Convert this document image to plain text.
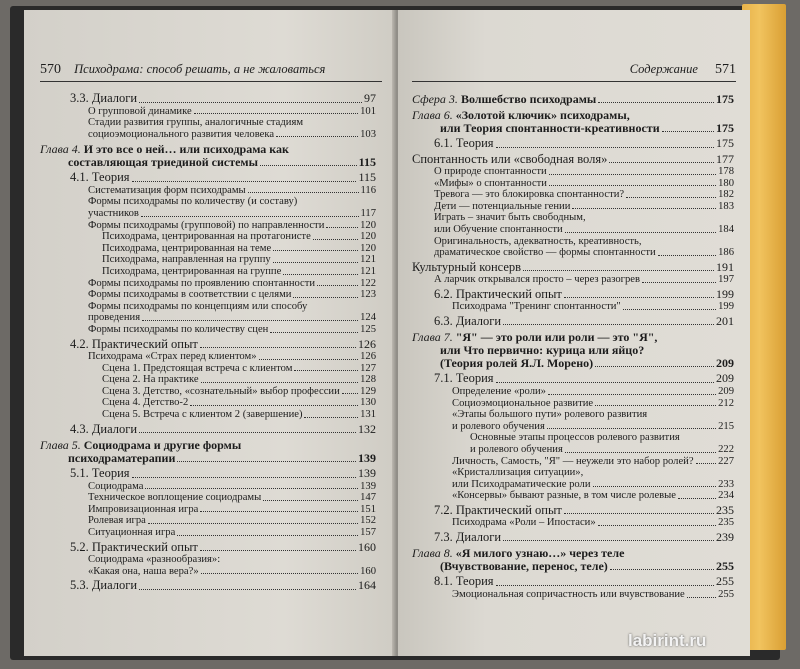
570 Психодрама: способ решать, а не жаловаться
3.3. Диалоги	97
О групповой динамике	101
Стадии развития группы, аналогичные стадиям
социоэмоционального развития человека	103
Глава 4. И это все о ней… или психодрама как
составляющая триединой системы	115
4.1. Теория	115
Систематизация форм психодрамы	116
Формы психодрамы по количеству (и составу)
участников	117
Формы психодрамы (групповой) по направленности	120
Психодрама, центрированная на протагонисте	120
Психодрама, центрированная на теме	120
Психодрама, направленная на группу	121
Психодрама, центрированная на группе	121
Формы психодрамы по проявлению спонтанности	122
Формы психодрамы в соответствии с целями	123
Формы психодрамы по концепциям или способу
проведения	124
Формы психодрамы по количеству сцен	125
4.2. Практический опыт	126
Психодрама «Страх перед клиентом»	126
Сцена 1. Предстоящая встреча с клиентом	127
Сцена 2. На практике	128
Сцена 3. Детство, «сознательный» выбор профессии 129
Сцена 4. Детство-2	130
Сцена 5. Встреча с клиентом 2 (завершение)	131
4.3. Диалоги	132
Глава 5. Социодрама и другие формы
психодраматерапии	139
5.1. Теория	139
Социодрама	139
Техническое воплощение социодрамы	147
Импровизационная игра	151
Ролевая игра	152
Ситуационная игра	157
5.2. Практический опыт	160
Социодрама «разнообразия»:
«Какая она, наша вера?»	160
5.3. Диалоги	164
Содержание 571
Сфера 3. Волшебство психодрамы	175
Глава 6. «Золотой ключик» психодрамы,
или Теория спонтанности-креативности	175
6.1. Теория	175
Спонтанность или «свободная воля»	177
О природе спонтанности	178
«Мифы» о спонтанности	180
Тревога — это блокировка спонтанности?	182
Дети — потенциальные гении	183
Играть – значит быть свободным,
или Обучение спонтанности	184
Оригинальность, адекватность, креативность,
драматическое свойство — формы спонтанности	186
Культурный консерв	191
А ларчик открывался просто – через разогрев	197
6.2. Практический опыт	199
Психодрама "Тренинг спонтанности"	199
6.3. Диалоги	201
Глава 7. "Я" — это роли или роли — это "Я",
или Что первично: курица или яйцо?
(Теория ролей Я.Л. Морено)	209
7.1. Теория	209
Определение «роли»	209
Социоэмоциональное развитие	212
«Этапы большого пути» ролевого развития
и ролевого обучения	215
Основные этапы процессов ролевого развития
и ролевого обучения	222
Личность, Самость, "Я" — неужели это набор ролей? 227
«Кристаллизация ситуации»,
или Психодраматические роли	233
«Консервы» бывают разные, в том числе ролевые	234
7.2. Практический опыт	235
Психодрама «Роли – Ипостаси»	235
7.3. Диалоги	239
Глава 8. «Я милого узнаю…» через теле
(Вчувствование, перенос, теле)	255
8.1. Теория	255
Эмоциональная сопричастность или вчувствование	255
labirint.ru
